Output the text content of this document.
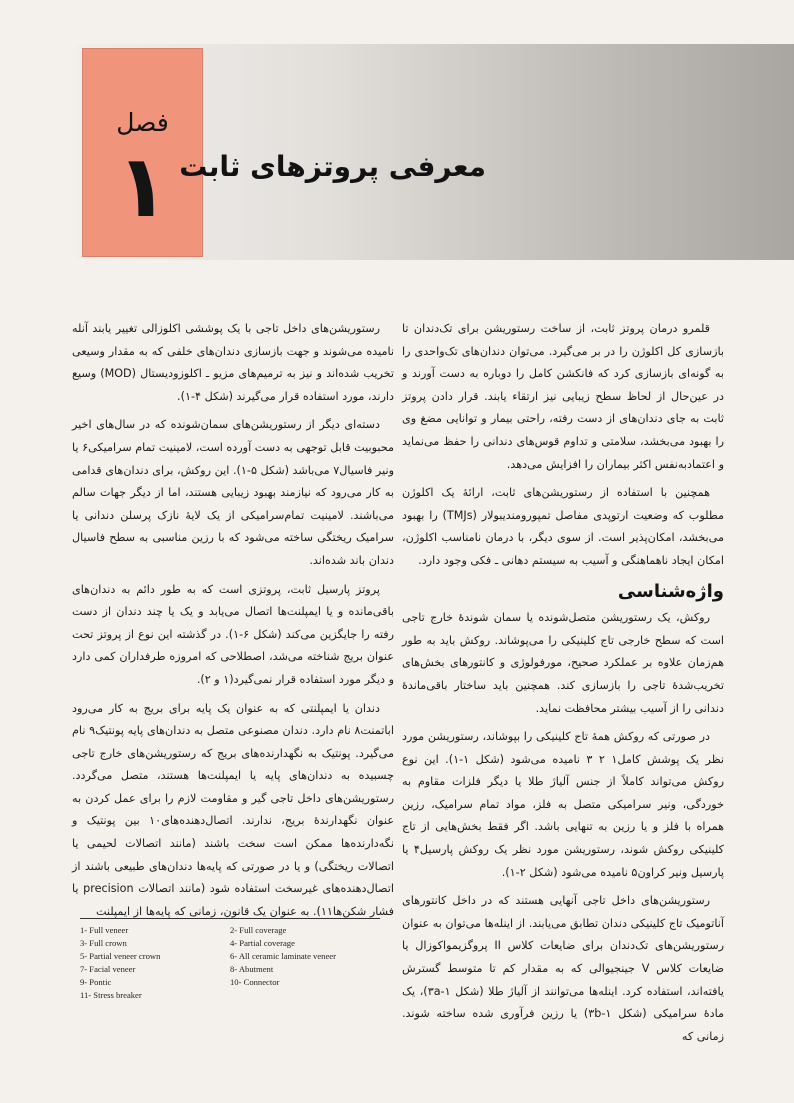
فصل
۱ معرفی پروتزهای ثابت

قلمرو درمان پروتز ثابت، از ساخت رستوریشن برای تک‌دندان تا بازسازی کل اکلوژن را در بر می‌گیرد. می‌توان دندان‌های تک‌واحدی را به گونه‌ای بازسازی کرد که فانکشن کامل را دوباره به دست آورند و در عین‌حال از لحاظ سطح زیبایی نیز ارتقاء یابند. قرار دادن پروتز ثابت به جای دندان‌های از دست رفته، راحتی بیمار و توانایی مضغ وی را بهبود می‌بخشد، سلامتی و تداوم قوس‌های دندانی را حفظ می‌نماید و اعتمادبه‌نفس اکثر بیماران را افزایش می‌دهد.

همچنین با استفاده از رستوریشن‌های ثابت، ارائهٔ یک اکلوژن مطلوب که وضعیت ارتوپدی مفاصل تمپورومندیبولار (TMJs) را بهبود می‌بخشد، امکان‌پذیر است. از سوی دیگر، با درمان نامناسب اکلوژن، امکان ایجاد ناهماهنگی و آسیب به سیستم دهانی ـ فکی وجود دارد.

واژه‌شناسی

روکش، یک رستوریشن متصل‌شونده یا سمان شوندهٔ خارج تاجی است که سطح خارجی تاج کلینیکی را می‌پوشاند. روکش باید به طور هم‌زمان علاوه بر عملکرد صحیح، مورفولوژی و کانتورهای بخش‌های تخریب‌شدهٔ تاجی را بازسازی کند. همچنین باید ساختار باقی‌ماندهٔ دندانی را از آسیب بیشتر محافظت نماید.

در صورتی که روکش همهٔ تاج کلینیکی را بپوشاند، رستوریشن مورد نظر یک پوشش کامل۱ ۲ ۳ نامیده می‌شود (شکل ۱-۱). این نوع روکش می‌تواند کاملاً از جنس آلیاژ طلا یا دیگر فلزات مقاوم به خوردگی، ونیر سرامیکی متصل به فلز، مواد تمام سرامیک، رزین همراه با فلز و یا رزین به تنهایی باشد. اگر فقط بخش‌هایی از تاج کلینیکی روکش شوند، رستوریشن مورد نظر یک روکش پارسیل۴ یا پارسیل ونیر کراون۵ نامیده می‌شود (شکل ۲-۱).

رستوریشن‌های داخل تاجی آنهایی هستند که در داخل کانتورهای آناتومیک تاج کلینیکی دندان تطابق می‌یابند. از اینله‌ها می‌توان به عنوان رستوریشن‌های تک‌دندان برای ضایعات کلاس II پروگزیمواکوزال یا ضایعات کلاس V جینجیوالی که به مقدار کم تا متوسط گسترش یافته‌اند، استفاده کرد. اینله‌ها می‌توانند از آلیاژ طلا (شکل ۳a-۱)، یک مادهٔ سرامیکی (شکل ۳b-۱) یا رزین فرآوری شده ساخته شوند. زمانی که

رستوریشن‌های داخل تاجی با یک پوششی اکلوزالی تغییر یابند آنله نامیده می‌شوند و جهت بازسازی دندان‌های خلفی که به مقدار وسیعی تخریب شده‌اند و نیز به ترمیم‌های مزیو ـ اکلوزودیستال (MOD) وسیع دارند، مورد استفاده قرار می‌گیرند (شکل ۴-۱).

دسته‌ای دیگر از رستوریشن‌های سمان‌شونده که در سال‌های اخیر محبوبیت قابل توجهی به دست آورده است، لامینیت تمام سرامیکی۶ یا ونیر فاسیال۷ می‌باشد (شکل ۵-۱). این روکش، برای دندان‌های قدامی به کار می‌رود که نیازمند بهبود زیبایی هستند، اما از دیگر جهات سالم می‌باشند. لامینیت تمام‌سرامیکی از یک لایهٔ نازک پرسلن دندانی یا سرامیک ریختگی ساخته می‌شود که با رزین مناسبی به سطح فاسیال دندان باند شده‌اند.

پروتز پارسیل ثابت، پروتزی است که به طور دائم به دندان‌های باقی‌مانده و یا ایمپلنت‌ها اتصال می‌یابد و یک یا چند دندان از دست رفته را جایگزین می‌کند (شکل ۶-۱). در گذشته این نوع از پروتز تحت عنوان بریج شناخته می‌شد، اصطلاحی که امروزه طرفداران کمی دارد و دیگر مورد استفاده قرار نمی‌گیرد(۱ و ۲).

دندان یا ایمپلنتی که به عنوان یک پایه برای بریج به کار می‌رود اباتمنت۸ نام دارد. دندان مصنوعی متصل به دندان‌های پایه پونتیک۹ نام می‌گیرد. پونتیک به نگهدارنده‌های بریج که رستوریشن‌های خارج تاجی چسبیده به دندان‌های پایه یا ایمپلنت‌ها هستند، متصل می‌گردد. رستوریشن‌های داخل تاجی گیر و مقاومت لازم را برای عمل کردن به عنوان نگهدارندهٔ بریج، ندارند. اتصال‌دهنده‌های۱۰ بین پونتیک و نگه‌دارنده‌ها ممکن است سخت باشند (مانند اتصالات لحیمی یا اتصالات ریختگی) و یا در صورتی که پایه‌ها دندان‌های طبیعی باشند از اتصال‌دهنده‌های غیرسخت استفاده شود (مانند اتصالات precision یا فشار شکن‌ها۱۱). به عنوان یک قانون، زمانی که پایه‌ها از ایمپلنت

1- Full veneer	2- Full coverage
3- Full crown	4- Partial coverage
5- Partial veneer crown	6- All ceramic laminate veneer
7- Facial veneer	8- Abutment
9- Pontic	10- Connector
11- Stress breaker
